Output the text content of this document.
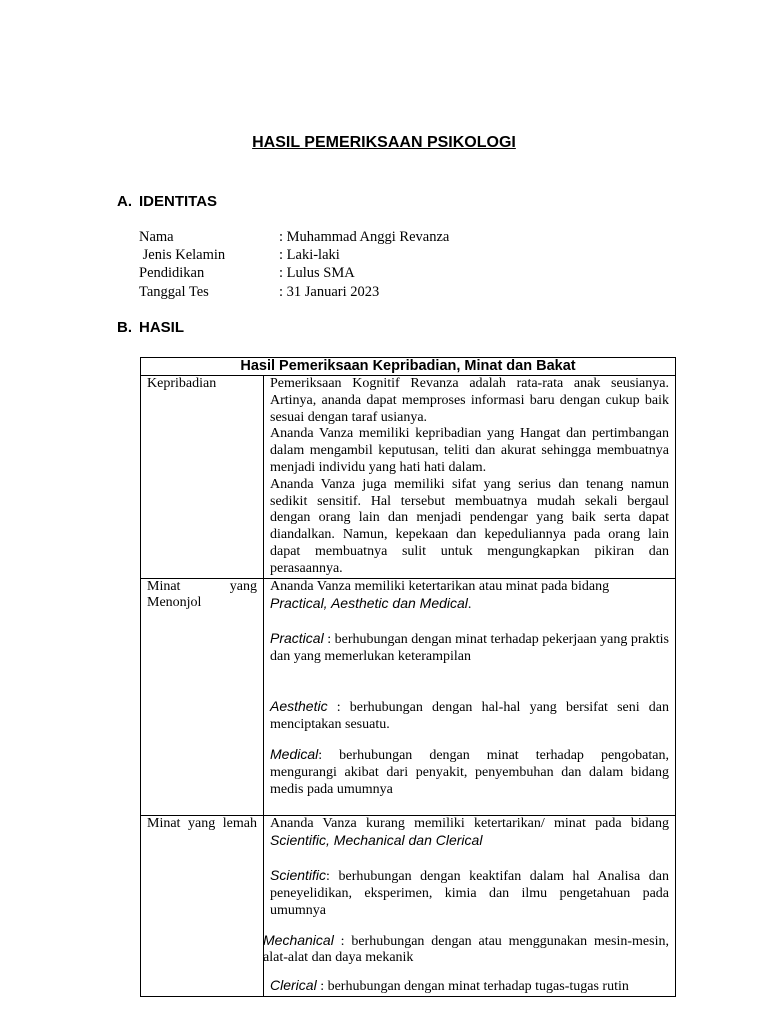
HASIL PEMERIKSAAN PSIKOLOGI
A. IDENTITAS
Nama	: Muhammad Anggi Revanza
Jenis Kelamin	: Laki-laki
Pendidikan	: Lulus SMA
Tanggal Tes	: 31 Januari 2023
B. HASIL
Hasil Pemeriksaan Kepribadian, Minat dan Bakat	
Kepribadian	Pemeriksaan Kognitif Revanza adalah rata-rata anak seusianya. Artinya, ananda dapat memproses informasi baru dengan cukup baik sesuai dengan taraf usianya.

Ananda Vanza memiliki kepribadian yang Hangat dan pertimbangan dalam mengambil keputusan, teliti dan akurat sehingga membuatnya menjadi individu yang hati hati dalam.

Ananda Vanza juga memiliki sifat yang serius dan tenang namun sedikit sensitif. Hal tersebut membuatnya mudah sekali bergaul dengan orang lain dan menjadi pendengar yang baik serta dapat diandalkan. Namun, kepekaan dan kepeduliannya pada orang lain dapat membuatnya sulit untuk mengungkapkan pikiran dan perasaannya.

Minat yang Menonjol	Ananda Vanza memiliki ketertarikan atau minat pada bidang
Practical, Aesthetic dan Medical.

Practical : berhubungan dengan minat terhadap pekerjaan yang praktis dan yang memerlukan keterampilan

Aesthetic : berhubungan dengan hal-hal yang bersifat seni dan menciptakan sesuatu.

Medical: berhubungan dengan minat terhadap pengobatan, mengurangi akibat dari penyakit, penyembuhan dan dalam bidang medis pada umumnya

Minat yang lemah	Ananda Vanza kurang memiliki ketertarikan/ minat pada bidang Scientific, Mechanical dan Clerical

Scientific: berhubungan dengan keaktifan dalam hal Analisa dan peneyelidikan, eksperimen, kimia dan ilmu pengetahuan pada umumnya

Mechanical : berhubungan dengan atau menggunakan mesin-mesin, alat-alat dan daya mekanik

Clerical : berhubungan dengan minat terhadap tugas-tugas rutin
